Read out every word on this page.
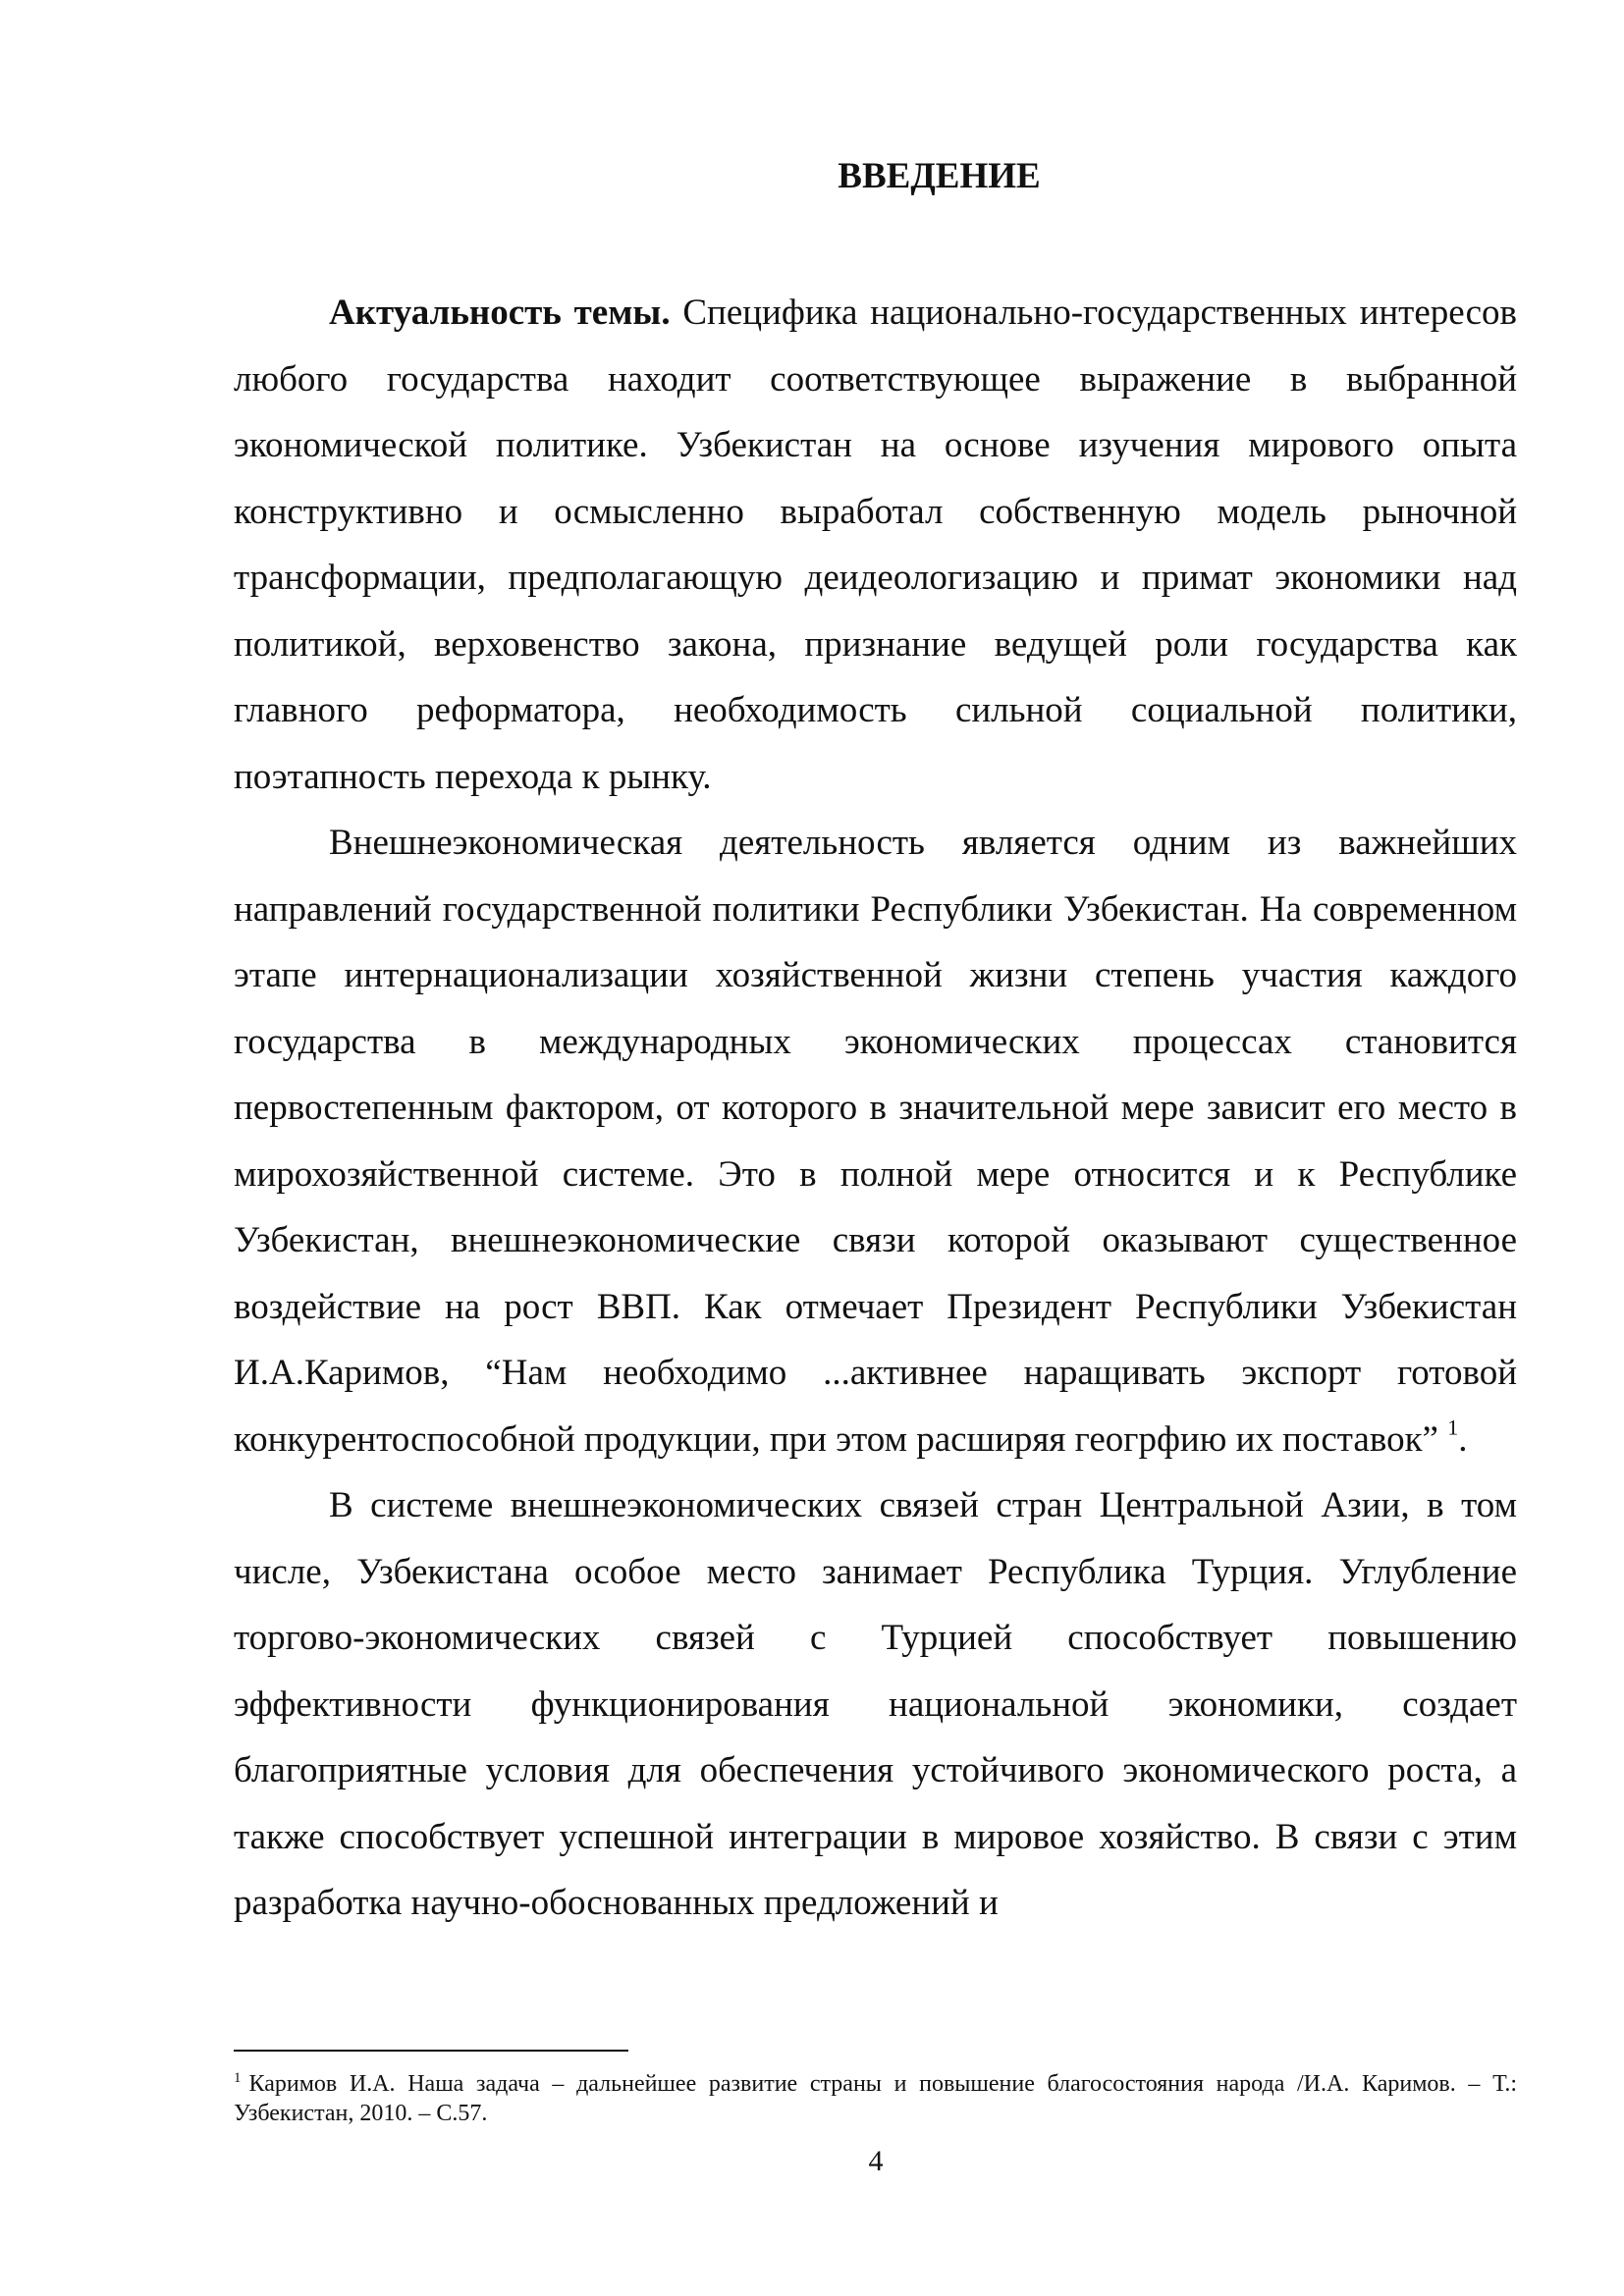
ВВЕДЕНИЕ

Актуальность темы. Специфика национально-государственных интересов любого государства находит соответствующее выражение в выбранной экономической политике. Узбекистан на основе изучения мирового опыта конструктивно и осмысленно выработал собственную модель рыночной трансформации, предполагающую деидеологизацию и примат экономики над политикой, верховенство закона, признание ведущей роли государства как главного реформатора, необходимость сильной социальной политики, поэтапность перехода к рынку.

Внешнеэкономическая деятельность является одним из важнейших направлений государственной политики Республики Узбекистан. На современном этапе интернационализации хозяйственной жизни степень участия каждого государства в международных экономических процессах становится первостепенным фактором, от которого в значительной мере зависит его место в мирохозяйственной системе. Это в полной мере относится и к Республике Узбекистан, внешнеэкономические связи которой оказывают существенное воздействие на рост ВВП. Как отмечает Президент Республики Узбекистан И.А.Каримов, “Нам необходимо ...активнее наращивать экспорт готовой конкурентоспособной продукции, при этом расширяя геогрфию их поставок” $^1$.

В системе внешнеэкономических связей стран Центральной Азии, в том числе, Узбекистана особое место занимает Республика Турция. Углубление торгово-экономических связей с Турцией способствует повышению эффективности функционирования национальной экономики, создает благоприятные условия для обеспечения устойчивого экономического роста, а также способствует успешной интеграции в мировое хозяйство. В связи с этим разработка научно-обоснованных предложений и

$^1$ Каримов И.А. Наша задача – дальнейшее развитие страны и повышение благосостояния народа /И.А. Каримов. – Т.: Узбекистан, 2010. – С.57.

4
